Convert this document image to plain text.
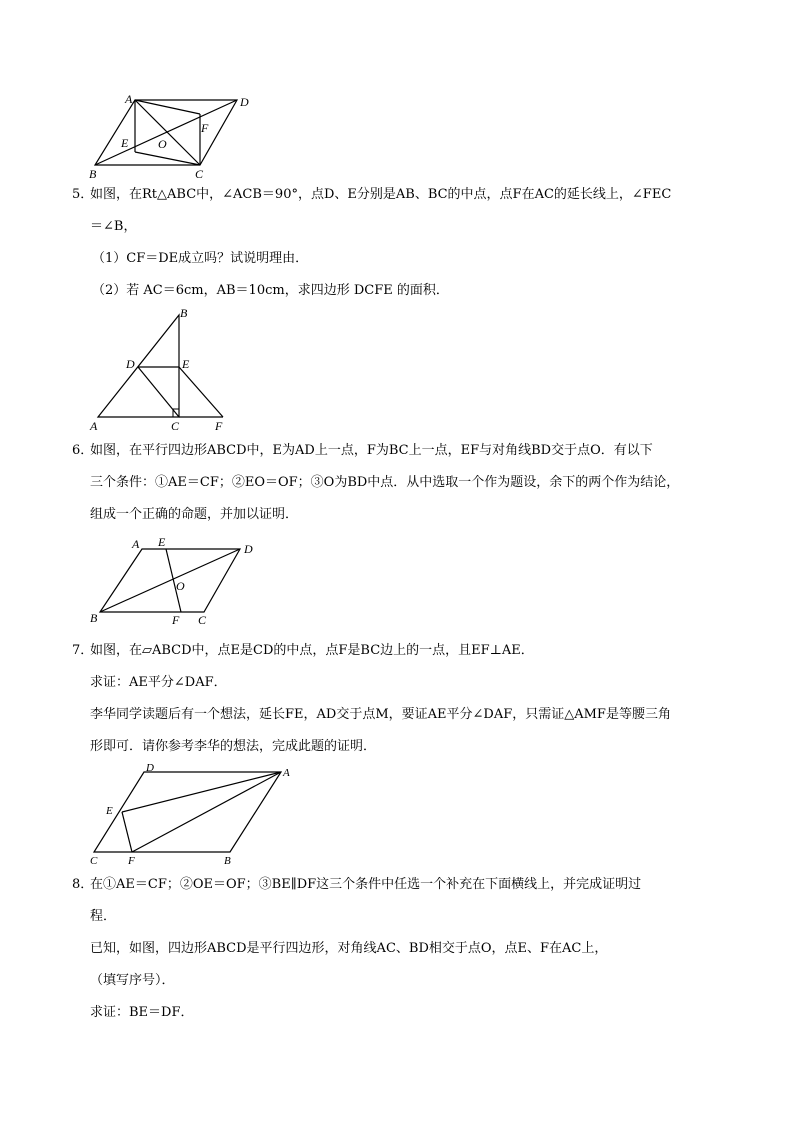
A	D
E O
F
B	C
5．
如图，在Rt△ABC中，∠ACB＝90°，点D、E分别是AB、BC的中点，点F在AC的延长线上，∠FEC
＝∠B，
（1）CF＝DE成立吗？试说明理由．
（2）若 AC＝6cm，AB＝10cm，求四边形 DCFE 的面积．
B
D	E
A	C	F
6．
如图，在平行四边形ABCD中，E为AD上一点，F为BC上一点，EF与对角线BD交于点O．有以下
三个条件：①AE＝CF；②EO＝OF；③O为BD中点．从中选取一个作为题设，余下的两个作为结论，
组成一个正确的命题，并加以证明．
A E	D
O
B	F C
7．
如图，在▱ABCD中，点E是CD的中点，点F是BC边上的一点，且EF⊥AE．
求证：AE平分∠DAF．
李华同学读题后有一个想法，延长FE，AD交于点M，要证AE平分∠DAF，只需证△AMF是等腰三角
形即可．请你参考李华的想法，完成此题的证明．
D	A
E
C	F	B
8．
在①AE＝CF；②OE＝OF；③BE∥DF这三个条件中任选一个补充在下面横线上，并完成证明过
程．
已知，如图，四边形ABCD是平行四边形，对角线AC、BD相交于点O，点E、F在AC上，
（填写序号）．
求证：BE＝DF．
